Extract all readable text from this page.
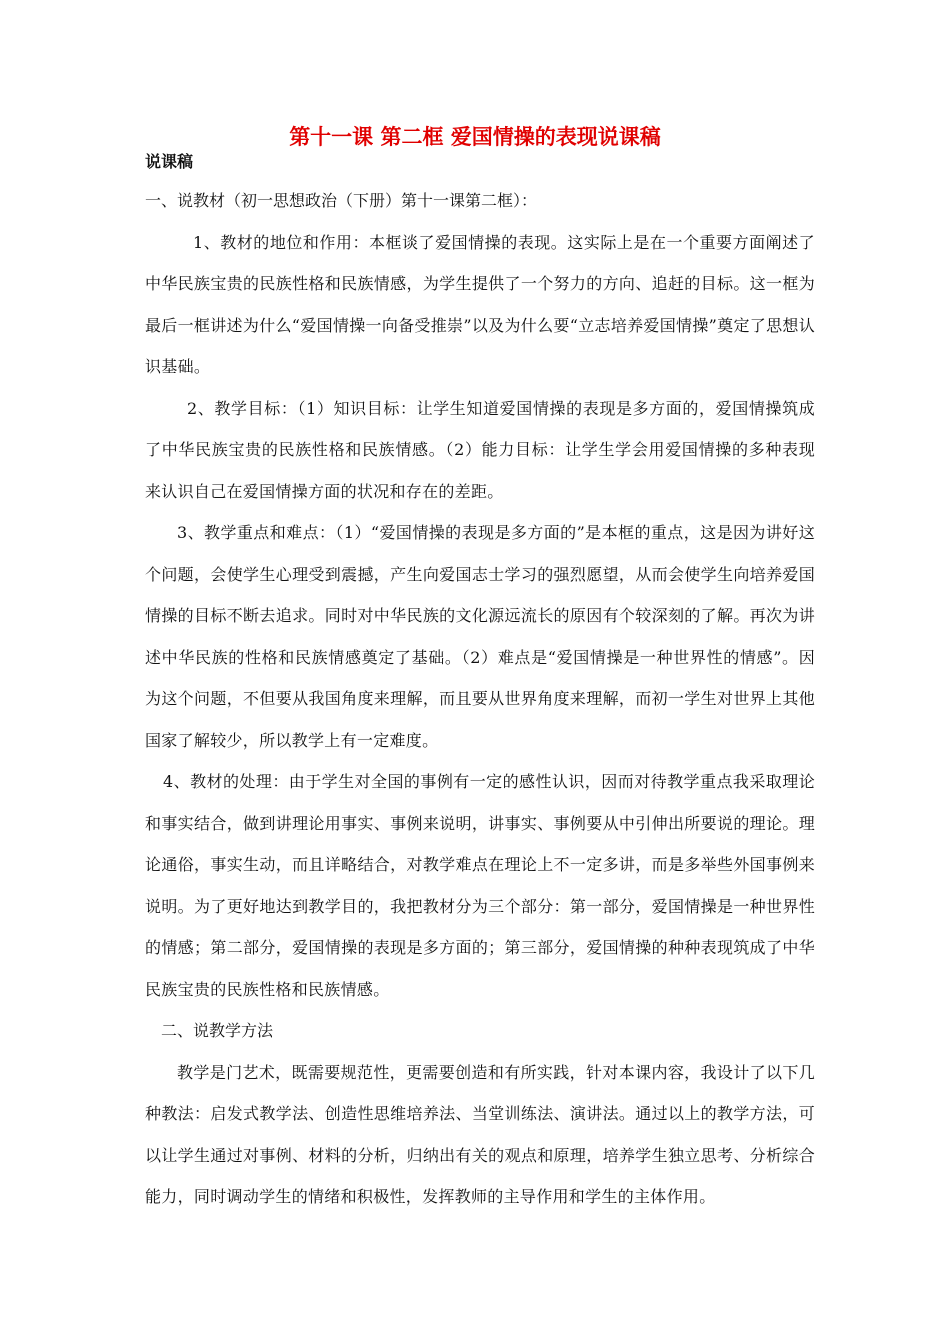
第十一课 第二框 爱国情操的表现说课稿

说课稿

一、说教材（初一思想政治（下册）第十一课第二框）：

1、教材的地位和作用：本框谈了爱国情操的表现。这实际上是在一个重要方面阐述了中华民族宝贵的民族性格和民族情感，为学生提供了一个努力的方向、追赶的目标。这一框为最后一框讲述为什么“爱国情操一向备受推崇”以及为什么要“立志培养爱国情操”奠定了思想认识基础。

2、教学目标：（1）知识目标：让学生知道爱国情操的表现是多方面的，爱国情操筑成了中华民族宝贵的民族性格和民族情感。（2）能力目标：让学生学会用爱国情操的多种表现来认识自己在爱国情操方面的状况和存在的差距。

3、教学重点和难点：（1）“爱国情操的表现是多方面的”是本框的重点，这是因为讲好这个问题，会使学生心理受到震撼，产生向爱国志士学习的强烈愿望，从而会使学生向培养爱国情操的目标不断去追求。同时对中华民族的文化源远流长的原因有个较深刻的了解。再次为讲述中华民族的性格和民族情感奠定了基础。（2）难点是“爱国情操是一种世界性的情感”。因为这个问题，不但要从我国角度来理解，而且要从世界角度来理解，而初一学生对世界上其他国家了解较少，所以教学上有一定难度。

4、教材的处理：由于学生对全国的事例有一定的感性认识，因而对待教学重点我采取理论和事实结合，做到讲理论用事实、事例来说明，讲事实、事例要从中引伸出所要说的理论。理论通俗，事实生动，而且详略结合，对教学难点在理论上不一定多讲，而是多举些外国事例来说明。为了更好地达到教学目的，我把教材分为三个部分：第一部分，爱国情操是一种世界性的情感；第二部分，爱国情操的表现是多方面的；第三部分，爱国情操的种种表现筑成了中华民族宝贵的民族性格和民族情感。

二、说教学方法

教学是门艺术，既需要规范性，更需要创造和有所实践，针对本课内容，我设计了以下几种教法：启发式教学法、创造性思维培养法、当堂训练法、演讲法。通过以上的教学方法，可以让学生通过对事例、材料的分析，归纳出有关的观点和原理，培养学生独立思考、分析综合能力，同时调动学生的情绪和积极性，发挥教师的主导作用和学生的主体作用。
